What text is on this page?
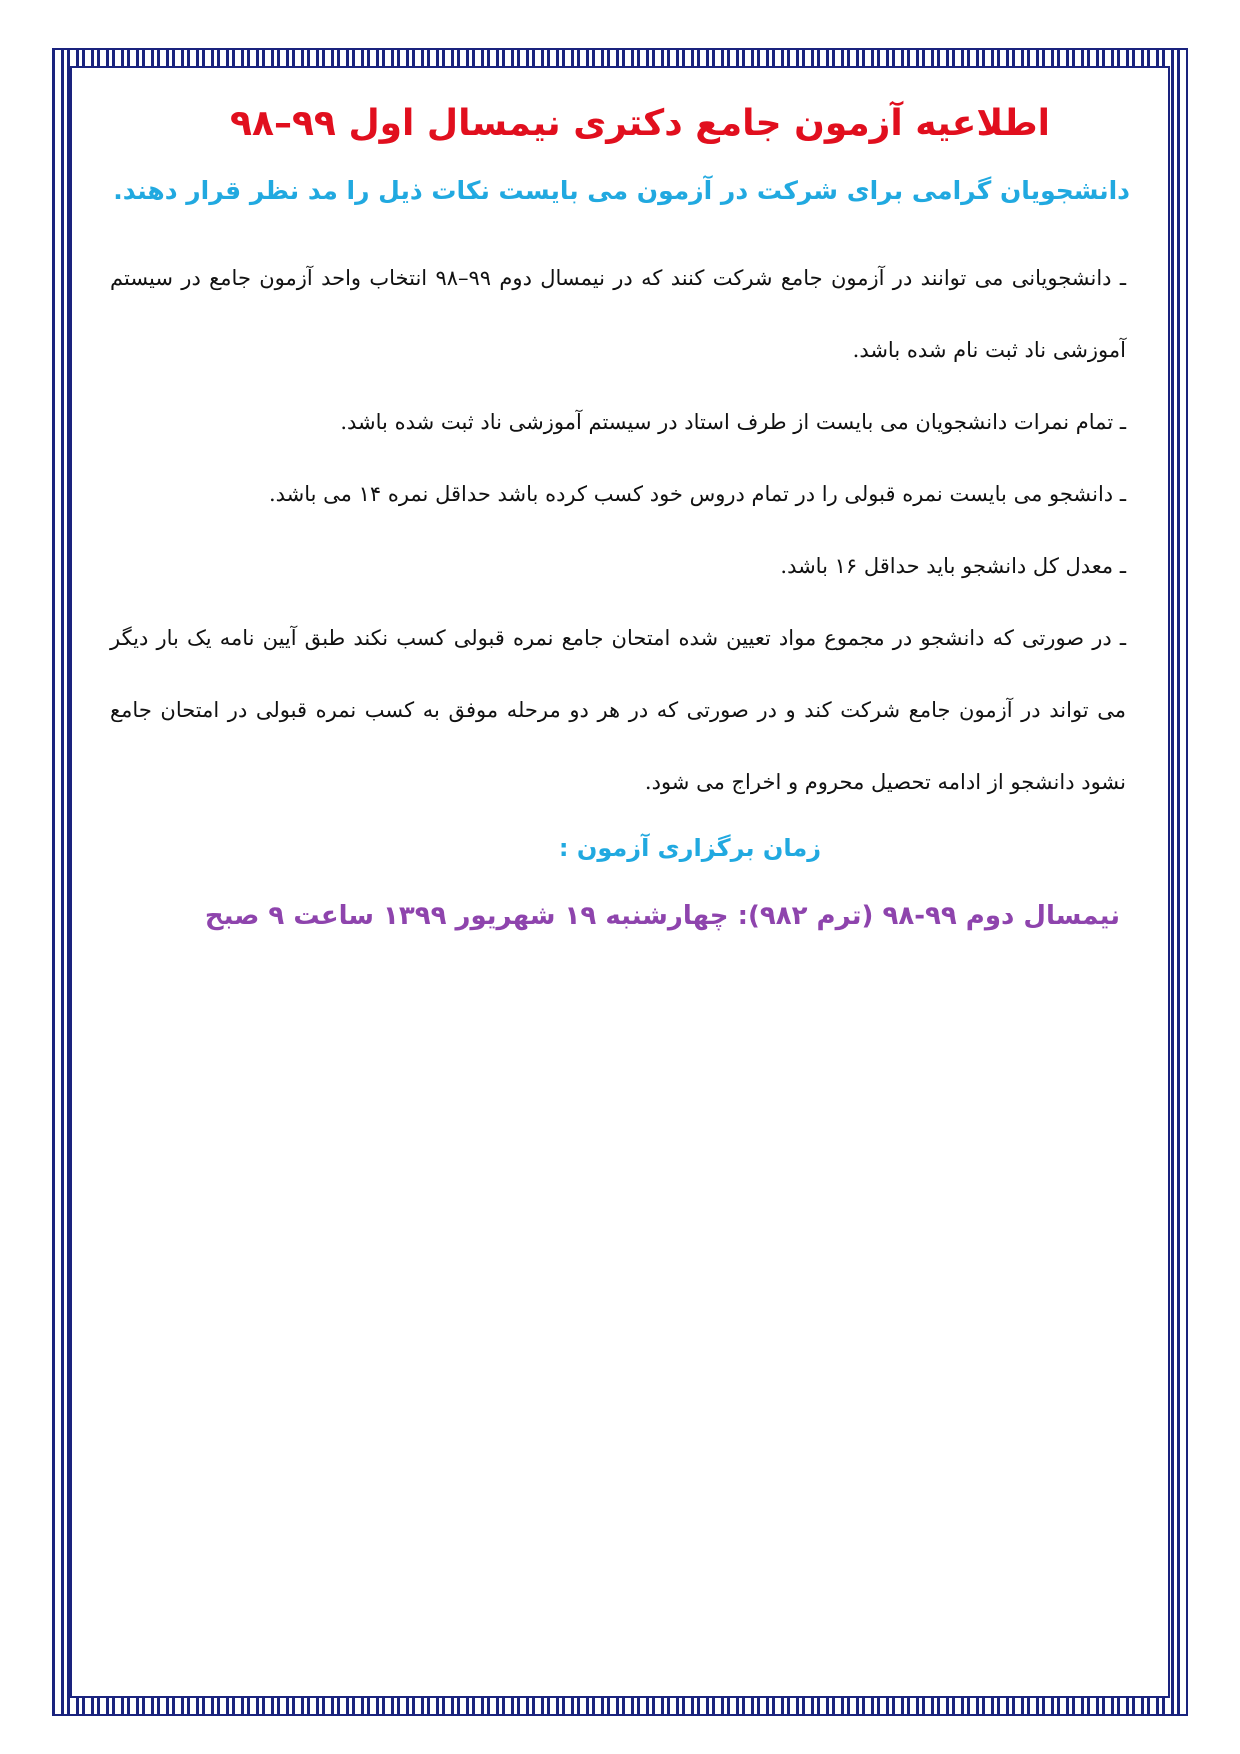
اطلاعیه آزمون جامع دکتری نیمسال اول ۹۹–۹۸

دانشجویان گرامی برای شرکت در آزمون می بایست نکات ذیل را مد نظر قرار دهند.

ـ دانشجویانی می توانند در آزمون جامع شرکت کنند که در نیمسال دوم ۹۹–۹۸ انتخاب واحد آزمون جامع در سیستم آموزشی ناد ثبت نام شده باشد.
ـ تمام نمرات دانشجویان می بایست از طرف استاد در سیستم آموزشی ناد ثبت شده باشد.
ـ دانشجو می بایست نمره قبولی را در تمام دروس خود کسب کرده باشد حداقل نمره ۱۴ می باشد.
ـ معدل کل دانشجو باید حداقل ۱۶ باشد.
ـ در صورتی که دانشجو در مجموع مواد تعیین شده امتحان جامع نمره قبولی کسب نکند طبق آیین نامه یک بار دیگر می تواند در آزمون جامع شرکت کند و در صورتی که در هر دو مرحله موفق به کسب نمره قبولی در امتحان جامع نشود دانشجو از ادامه تحصیل محروم و اخراج می شود.
زمان برگزاری آزمون :

نیمسال دوم ۹۹-۹۸ (ترم ۹۸۲): چهارشنبه ۱۹ شهریور ۱۳۹۹ ساعت ۹ صبح
